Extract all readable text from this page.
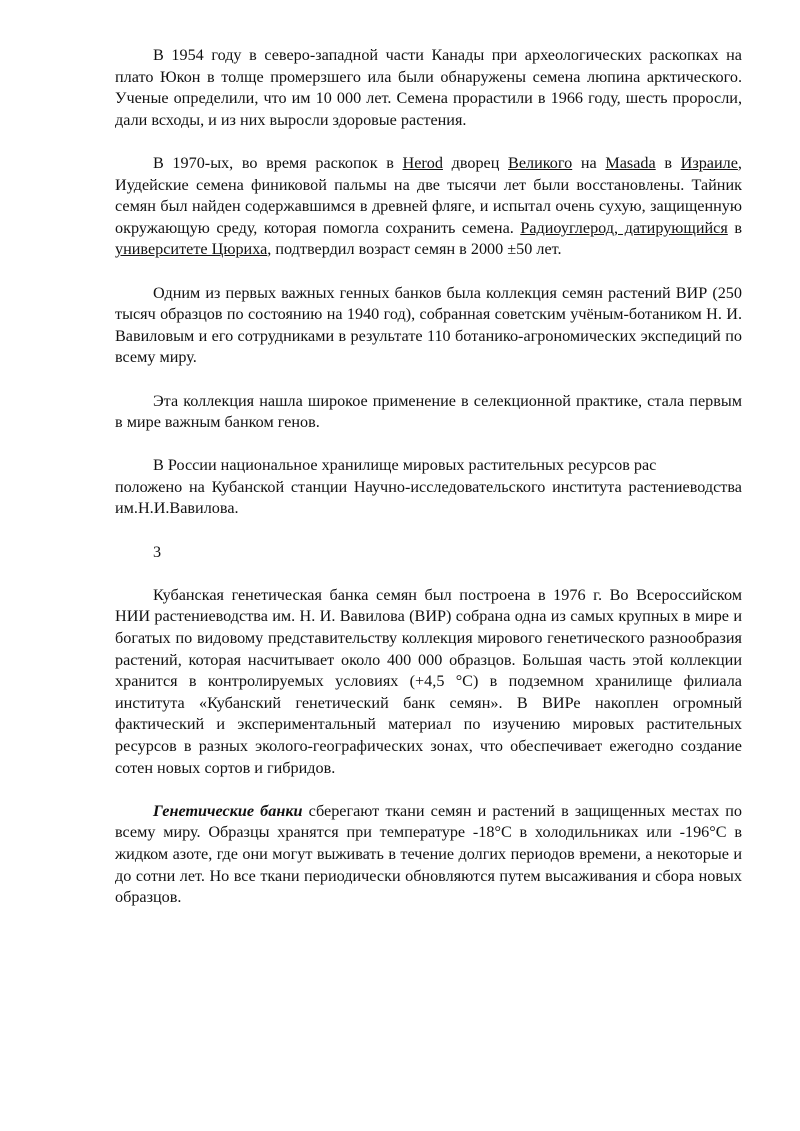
В 1954 году в северо-западной части Канады при археологических раскопках на плато Юкон в толще промерзшего ила были обнаружены семена люпина арктического. Ученые определили, что им 10 000 лет. Семена прорастили в 1966 году, шесть проросли, дали всходы, и из них выросли здоровые растения.

В 1970-ых, во время раскопок в Herod дворец Великого на Masada в Израиле, Иудейские семена финиковой пальмы на две тысячи лет были восстановлены. Тайник семян был найден содержавшимся в древней фляге, и испытал очень сухую, защищенную окружающую среду, которая помогла сохранить семена. Радиоуглерод, датирующийся в университете Цюриха, подтвердил возраст семян в 2000 ±50 лет.

Одним из первых важных генных банков была коллекция семян растений ВИР (250 тысяч образцов по состоянию на 1940 год), собранная советским учёным-ботаником Н. И. Вавиловым и его сотрудниками в результате 110 ботанико-агрономических экспедиций по всему миру.

Эта коллекция нашла широкое применение в селекционной практике, стала первым в мире важным банком генов.

В России национальное хранилище мировых растительных ресурсов рас
положено на Кубанской станции Научно-исследовательского института растениеводства им.Н.И.Вавилова.

3

Кубанская генетическая банка семян был построена в 1976 г. Во Всероссийском НИИ растениеводства им. Н. И. Вавилова (ВИР) собрана одна из самых крупных в мире и богатых по видовому представительству коллекция мирового генетического разнообразия растений, которая насчитывает около 400 000 образцов. Большая часть этой коллекции хранится в контролируемых условиях (+4,5 °C) в подземном хранилище филиала института «Кубанский генетический банк семян». В ВИРе накоплен огромный фактический и экспериментальный материал по изучению мировых растительных ресурсов в разных эколого-географических зонах, что обеспечивает ежегодно создание сотен новых сортов и гибридов.

Генетические банки сберегают ткани семян и растений в защищенных местах по всему миру. Образцы хранятся при температуре -18°C в холодильниках или -196°C в жидком азоте, где они могут выживать в течение долгих периодов времени, а некоторые и до сотни лет. Но все ткани периодически обновляются путем высаживания и сбора новых образцов.
